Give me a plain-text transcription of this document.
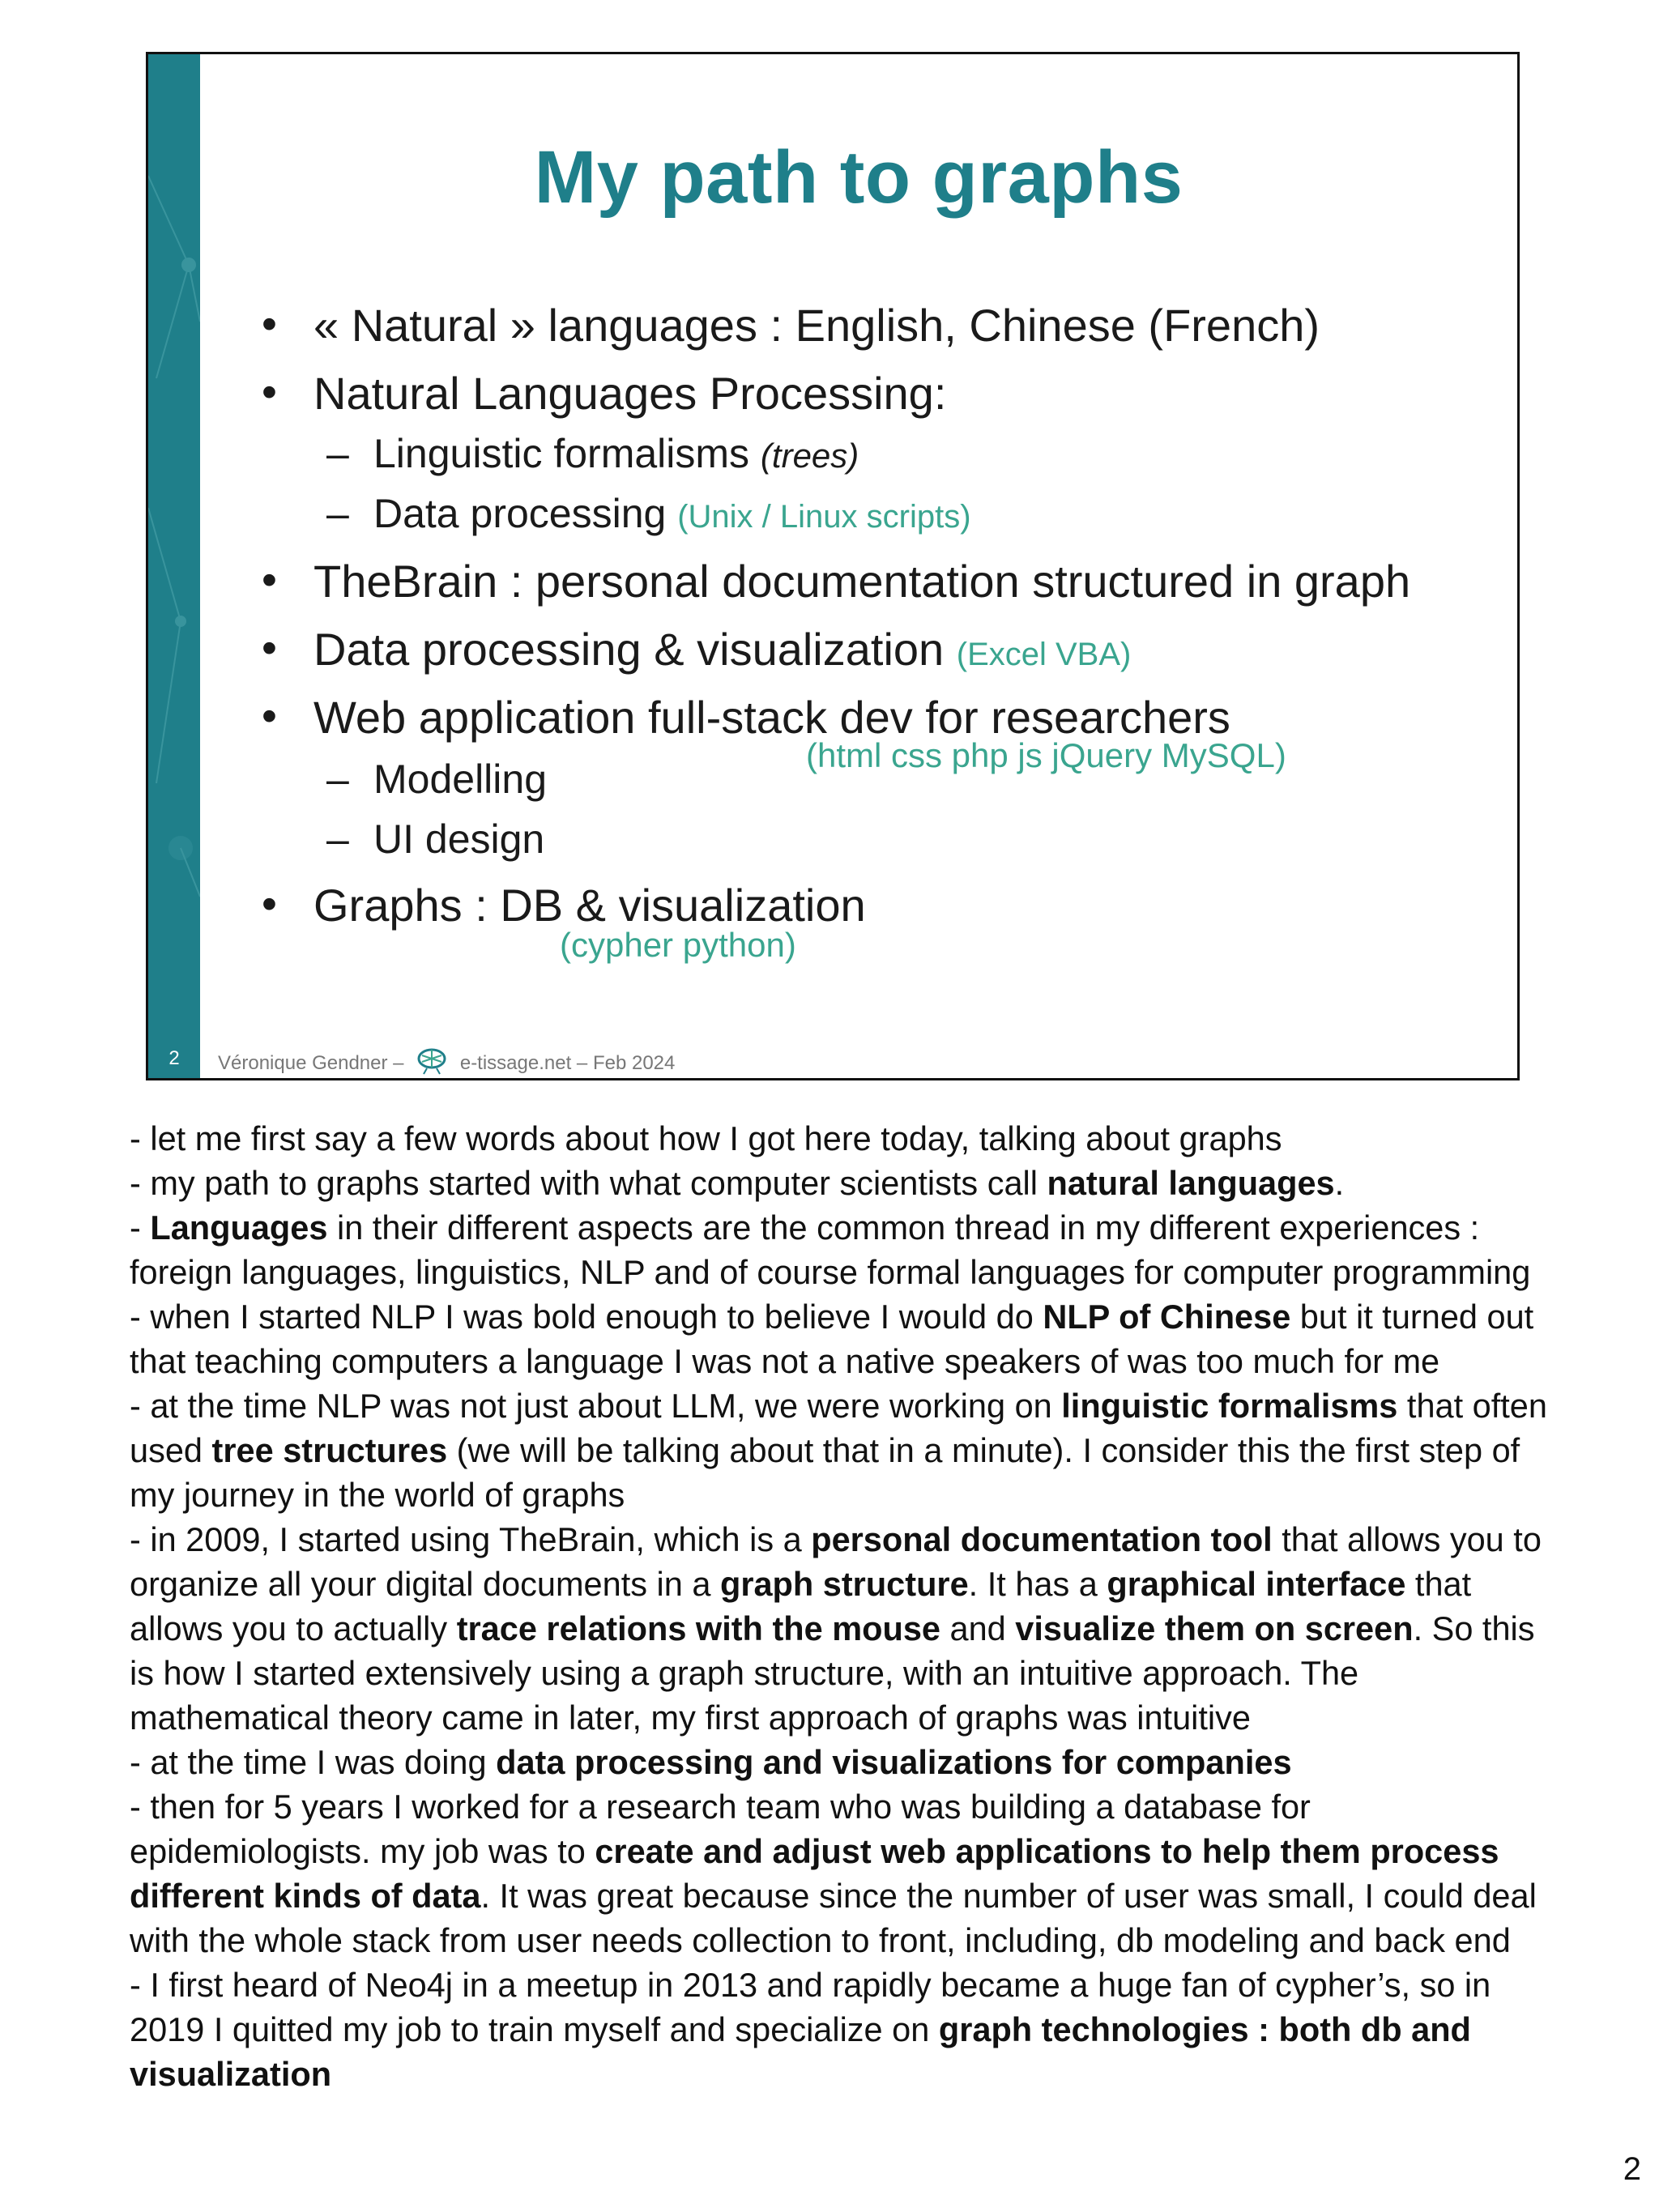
My path to graphs
• « Natural » languages : English, Chinese (French)
• Natural Languages Processing:
– Linguistic formalisms (trees)
– Data processing (Unix / Linux scripts)
• TheBrain : personal documentation structured in graph
• Data processing & visualization (Excel VBA)
• Web application full-stack dev for researchers
(html css php js jQuery MySQL)
– Modelling
– UI design
• Graphs : DB & visualization
(cypher python)
2	Véronique Gendner –	e-tissage.net – Feb 2024

- let me first say a few words about how I got here today, talking about graphs

- my path to graphs started with what computer scientists call natural languages.

- Languages in their different aspects are the common thread in my different experiences : foreign languages, linguistics, NLP and of course formal languages for computer programming

- when I started NLP I was bold enough to believe I would do NLP of Chinese but it turned out that teaching computers a language I was not a native speakers of was too much for me

- at the time NLP was not just about LLM, we were working on linguistic formalisms that often used tree structures (we will be talking about that in a minute). I consider this the first step of my journey in the world of graphs

- in 2009, I started using TheBrain, which is a personal documentation tool that allows you to organize all your digital documents in a graph structure. It has a graphical interface that allows you to actually trace relations with the mouse and visualize them on screen. So this is how I started extensively using a graph structure, with an intuitive approach. The mathematical theory came in later, my first approach of graphs was intuitive

- at the time I was doing data processing and visualizations for companies

- then for 5 years I worked for a research team who was building a database for epidemiologists. my job was to create and adjust web applications to help them process different kinds of data. It was great because since the number of user was small, I could deal with the whole stack from user needs collection to front, including, db modeling and back end

- I first heard of Neo4j in a meetup in 2013 and rapidly became a huge fan of cypher’s, so in 2019 I quitted my job to train myself and specialize on graph technologies : both db and visualization

2
